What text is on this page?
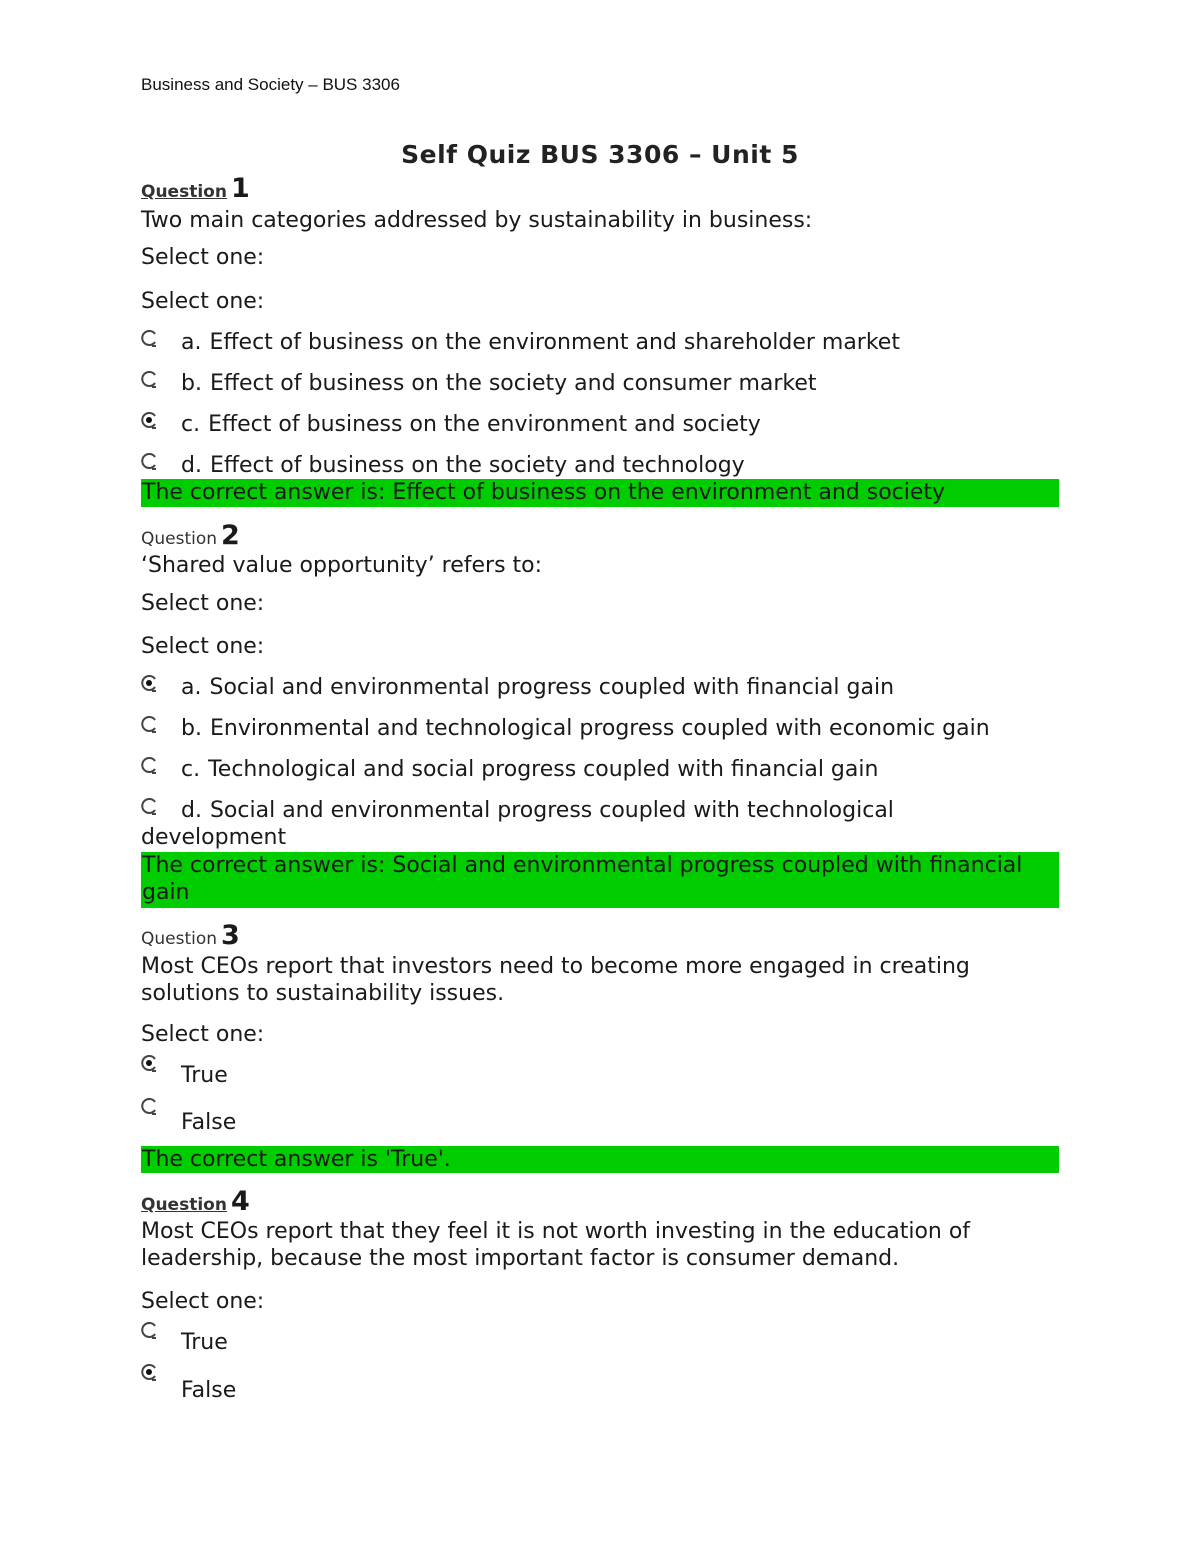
Business and Society – BUS 3306
Self Quiz BUS 3306 – Unit 5
Question 1
Two main categories addressed by sustainability in business:
Select one:
Select one:
a. Effect of business on the environment and shareholder market
b. Effect of business on the society and consumer market
c. Effect of business on the environment and society
d. Effect of business on the society and technology
The correct answer is: Effect of business on the environment and society
Question 2
‘Shared value opportunity’ refers to:
Select one:
Select one:
a. Social and environmental progress coupled with financial gain
b. Environmental and technological progress coupled with economic gain
c. Technological and social progress coupled with financial gain
d. Social and environmental progress coupled with technological
development
The correct answer is: Social and environmental progress coupled with financial gain
Question 3
Most CEOs report that investors need to become more engaged in creating solutions to sustainability issues.
Select one:
True
False
The correct answer is 'True'.
Question 4
Most CEOs report that they feel it is not worth investing in the education of leadership, because the most important factor is consumer demand.
Select one:
True
False
